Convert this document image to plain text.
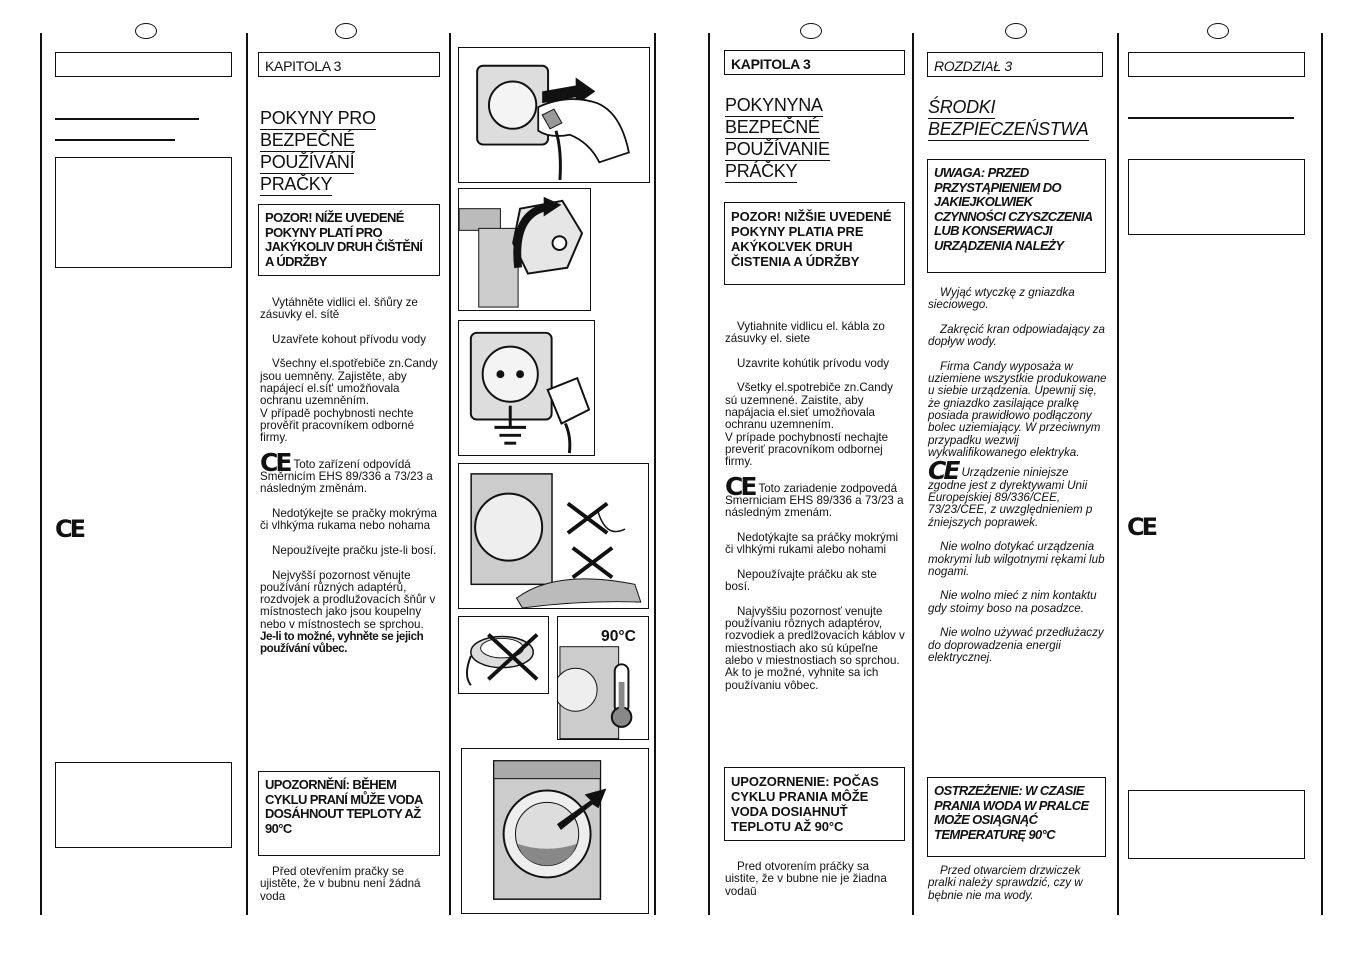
CE
KAPITOLA 3
POKYNY PRO
BEZPEČNÉ
POUŽÍVÁNÍ
PRAČKY
POZOR! NÍŽE UVEDENÉ POKYNY PLATÍ PRO JAKÝKOLIV DRUH ČIŠTĚNÍ A ÚDRŽBY

Vytáhněte vidlici el. šňůry ze zásuvky el. sítě

Uzavřete kohout přívodu vody

Všechny el.spotřebiče zn.Candy jsou uemněny. Zajistěte, aby napájecí el.sít' umožňovala ochranu uzemněním.

V případě pochybnosti nechte prověřit pracovníkem odborné firmy.

CE Toto zařízení odpovídá Směrnicím EHS 89/336 a 73/23 a následným změnám.

Nedotýkejte se pračky mokrýma či vlhkýma rukama nebo nohama

Nepoužívejte pračku jste-li bosí.

Nejvyšší pozornost věnujte používání různých adaptérů, rozdvojek a prodlužovacích šňůr v místnostech jako jsou koupelny nebo v místnostech se sprchou.

Je-li to možné, vyhněte se jejich používání vůbec.

UPOZORNĚNÍ: BĚHEM CYKLU PRANÍ MŮŽE VODA DOSÁHNOUT TEPLOTY AŽ 90°C

Před otevřením pračky se ujistěte, že v bubnu není žádná voda

90°C
KAPITOLA 3
POKYNYNA
BEZPEČNÉ
POUŽÍVANIE
PRÁČKY
POZOR! NIŽŠIE UVEDENÉ POKYNY PLATIA PRE AKÝKOĽVEK DRUH ČISTENIA A ÚDRŽBY

Vytiahnite vidlicu el. kábla zo zásuvky el. siete

Uzavrite kohútik prívodu vody

Všetky el.spotrebiče zn.Candy sú uzemnené. Zaistite, aby napájacia el.sieť umožňovala ochranu uzemnením.

V prípade pochybností nechajte preveriť pracovníkom odbornej firmy.

CE Toto zariadenie zodpovedá Smerniciam EHS 89/336 a 73/23 a následným zmenám.

Nedotýkajte sa práčky mokrými či vlhkými rukami alebo nohami

Nepoužívajte práčku ak ste bosí.

Najvyššiu pozornosť venujte používaniu rôznych adaptérov, rozvodiek a predlžovacích káblov v miestnostiach ako sú kúpeľne alebo v miestnostiach so sprchou.

Ak to je možné, vyhnite sa ich používaniu vôbec.

UPOZORNENIE: POČAS CYKLU PRANIA MÔŽE VODA DOSIAHNUŤ TEPLOTU AŽ 90°C

Pred otvorením práčky sa uistite, že v bubne nie je žiadna vodaū

ROZDZIAŁ 3
ŚRODKI
BEZPIECZEŃSTWA
UWAGA: PRZED PRZYSTĄPIENIEM DO JAKIEJKOLWIEK CZYNNOŚCI CZYSZCZENIA LUB KONSERWACJI URZĄDZENIA NALEŻY

Wyjąć wtyczkę z gniazdka sieciowego.

Zakręcić kran odpowiadający za dopływ wody.

Firma Candy wyposaża w uziemiene wszystkie produkowane u siebie urządzenia. Upewnij się, że gniazdko zasilające pralkę posiada prawidłowo podłączony bolec uziemiający. W przeciwnym przypadku wezwij wykwalifikowanego elektryka.

CE Urządzenie niniejsze zgodne jest z dyrektywami Unii Europejskiej 89/336/CEE, 73/23/CEE, z uwzględnieniem p źniejszych poprawek.

Nie wolno dotykać urządzenia mokrymi lub wilgotnymi rękami lub nogami.

Nie wolno mieć z nim kontaktu gdy stoimy boso na posadzce.

Nie wolno używać przedłużaczy do doprowadzenia energii elektrycznej.

OSTRZEŻENIE: W CZASIE PRANIA WODA W PRALCE MOŻE OSIĄGNĄĆ TEMPERATURĘ 90°C

Przed otwarciem drzwiczek pralki należy sprawdzić, czy w bębnie nie ma wody.

CE
